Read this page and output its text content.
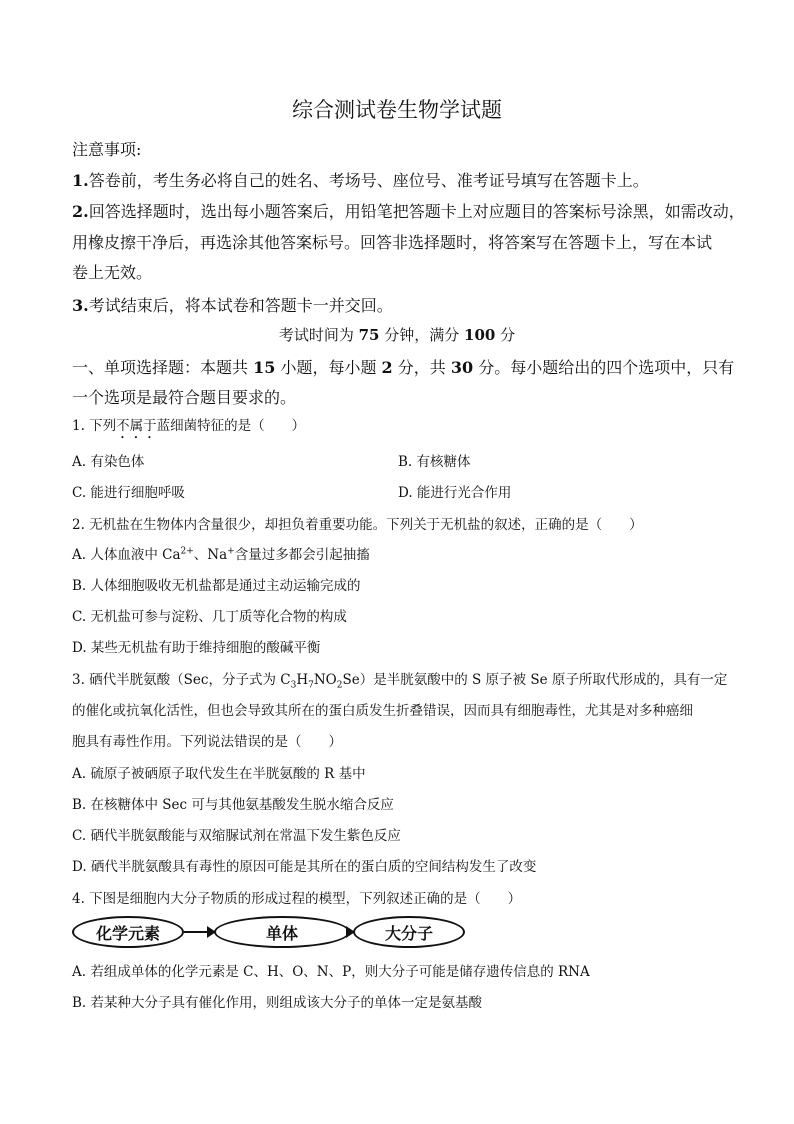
综合测试卷生物学试题
注意事项:
1.答卷前，考生务必将自己的姓名、考场号、座位号、准考证号填写在答题卡上。
2.回答选择题时，选出每小题答案后，用铅笔把答题卡上对应题目的答案标号涂黑，如需改动，
用橡皮擦干净后，再选涂其他答案标号。回答非选择题时，将答案写在答题卡上，写在本试
卷上无效。
3.考试结束后，将本试卷和答题卡一并交回。
考试时间为 75 分钟，满分 100 分
一、单项选择题：本题共 15 小题，每小题 2 分，共 30 分。每小题给出的四个选项中，只有
一个选项是最符合题目要求的。
1. 下列不属于蓝细菌特征的是（　　）
A. 有染色体	B. 有核糖体
C. 能进行细胞呼吸	D. 能进行光合作用
2. 无机盐在生物体内含量很少，却担负着重要功能。下列关于无机盐的叙述，正确的是（　　）
A. 人体血液中 $Ca^{2+}$、Na+含量过多都会引起抽搐
B. 人体细胞吸收无机盐都是通过主动运输完成的
C. 无机盐可参与淀粉、几丁质等化合物的构成
D. 某些无机盐有助于维持细胞的酸碱平衡
3. 硒代半胱氨酸（Sec，分子式为 $C_3H_7NO_2Se$）是半胱氨酸中的 S 原子被 Se 原子所取代形成的，具有一定
的催化或抗氧化活性，但也会导致其所在的蛋白质发生折叠错误，因而具有细胞毒性，尤其是对多种癌细
胞具有毒性作用。下列说法错误的是（　　）
A. 硫原子被硒原子取代发生在半胱氨酸的 R 基中
B. 在核糖体中 Sec 可与其他氨基酸发生脱水缩合反应
C. 硒代半胱氨酸能与双缩脲试剂在常温下发生紫色反应
D. 硒代半胱氨酸具有毒性的原因可能是其所在的蛋白质的空间结构发生了改变
4. 下图是细胞内大分子物质的形成过程的模型，下列叙述正确的是（　　）
化学元素	单体	大分子
A. 若组成单体的化学元素是 C、H、O、N、P，则大分子可能是储存遗传信息的 RNA
B. 若某种大分子具有催化作用，则组成该大分子的单体一定是氨基酸
